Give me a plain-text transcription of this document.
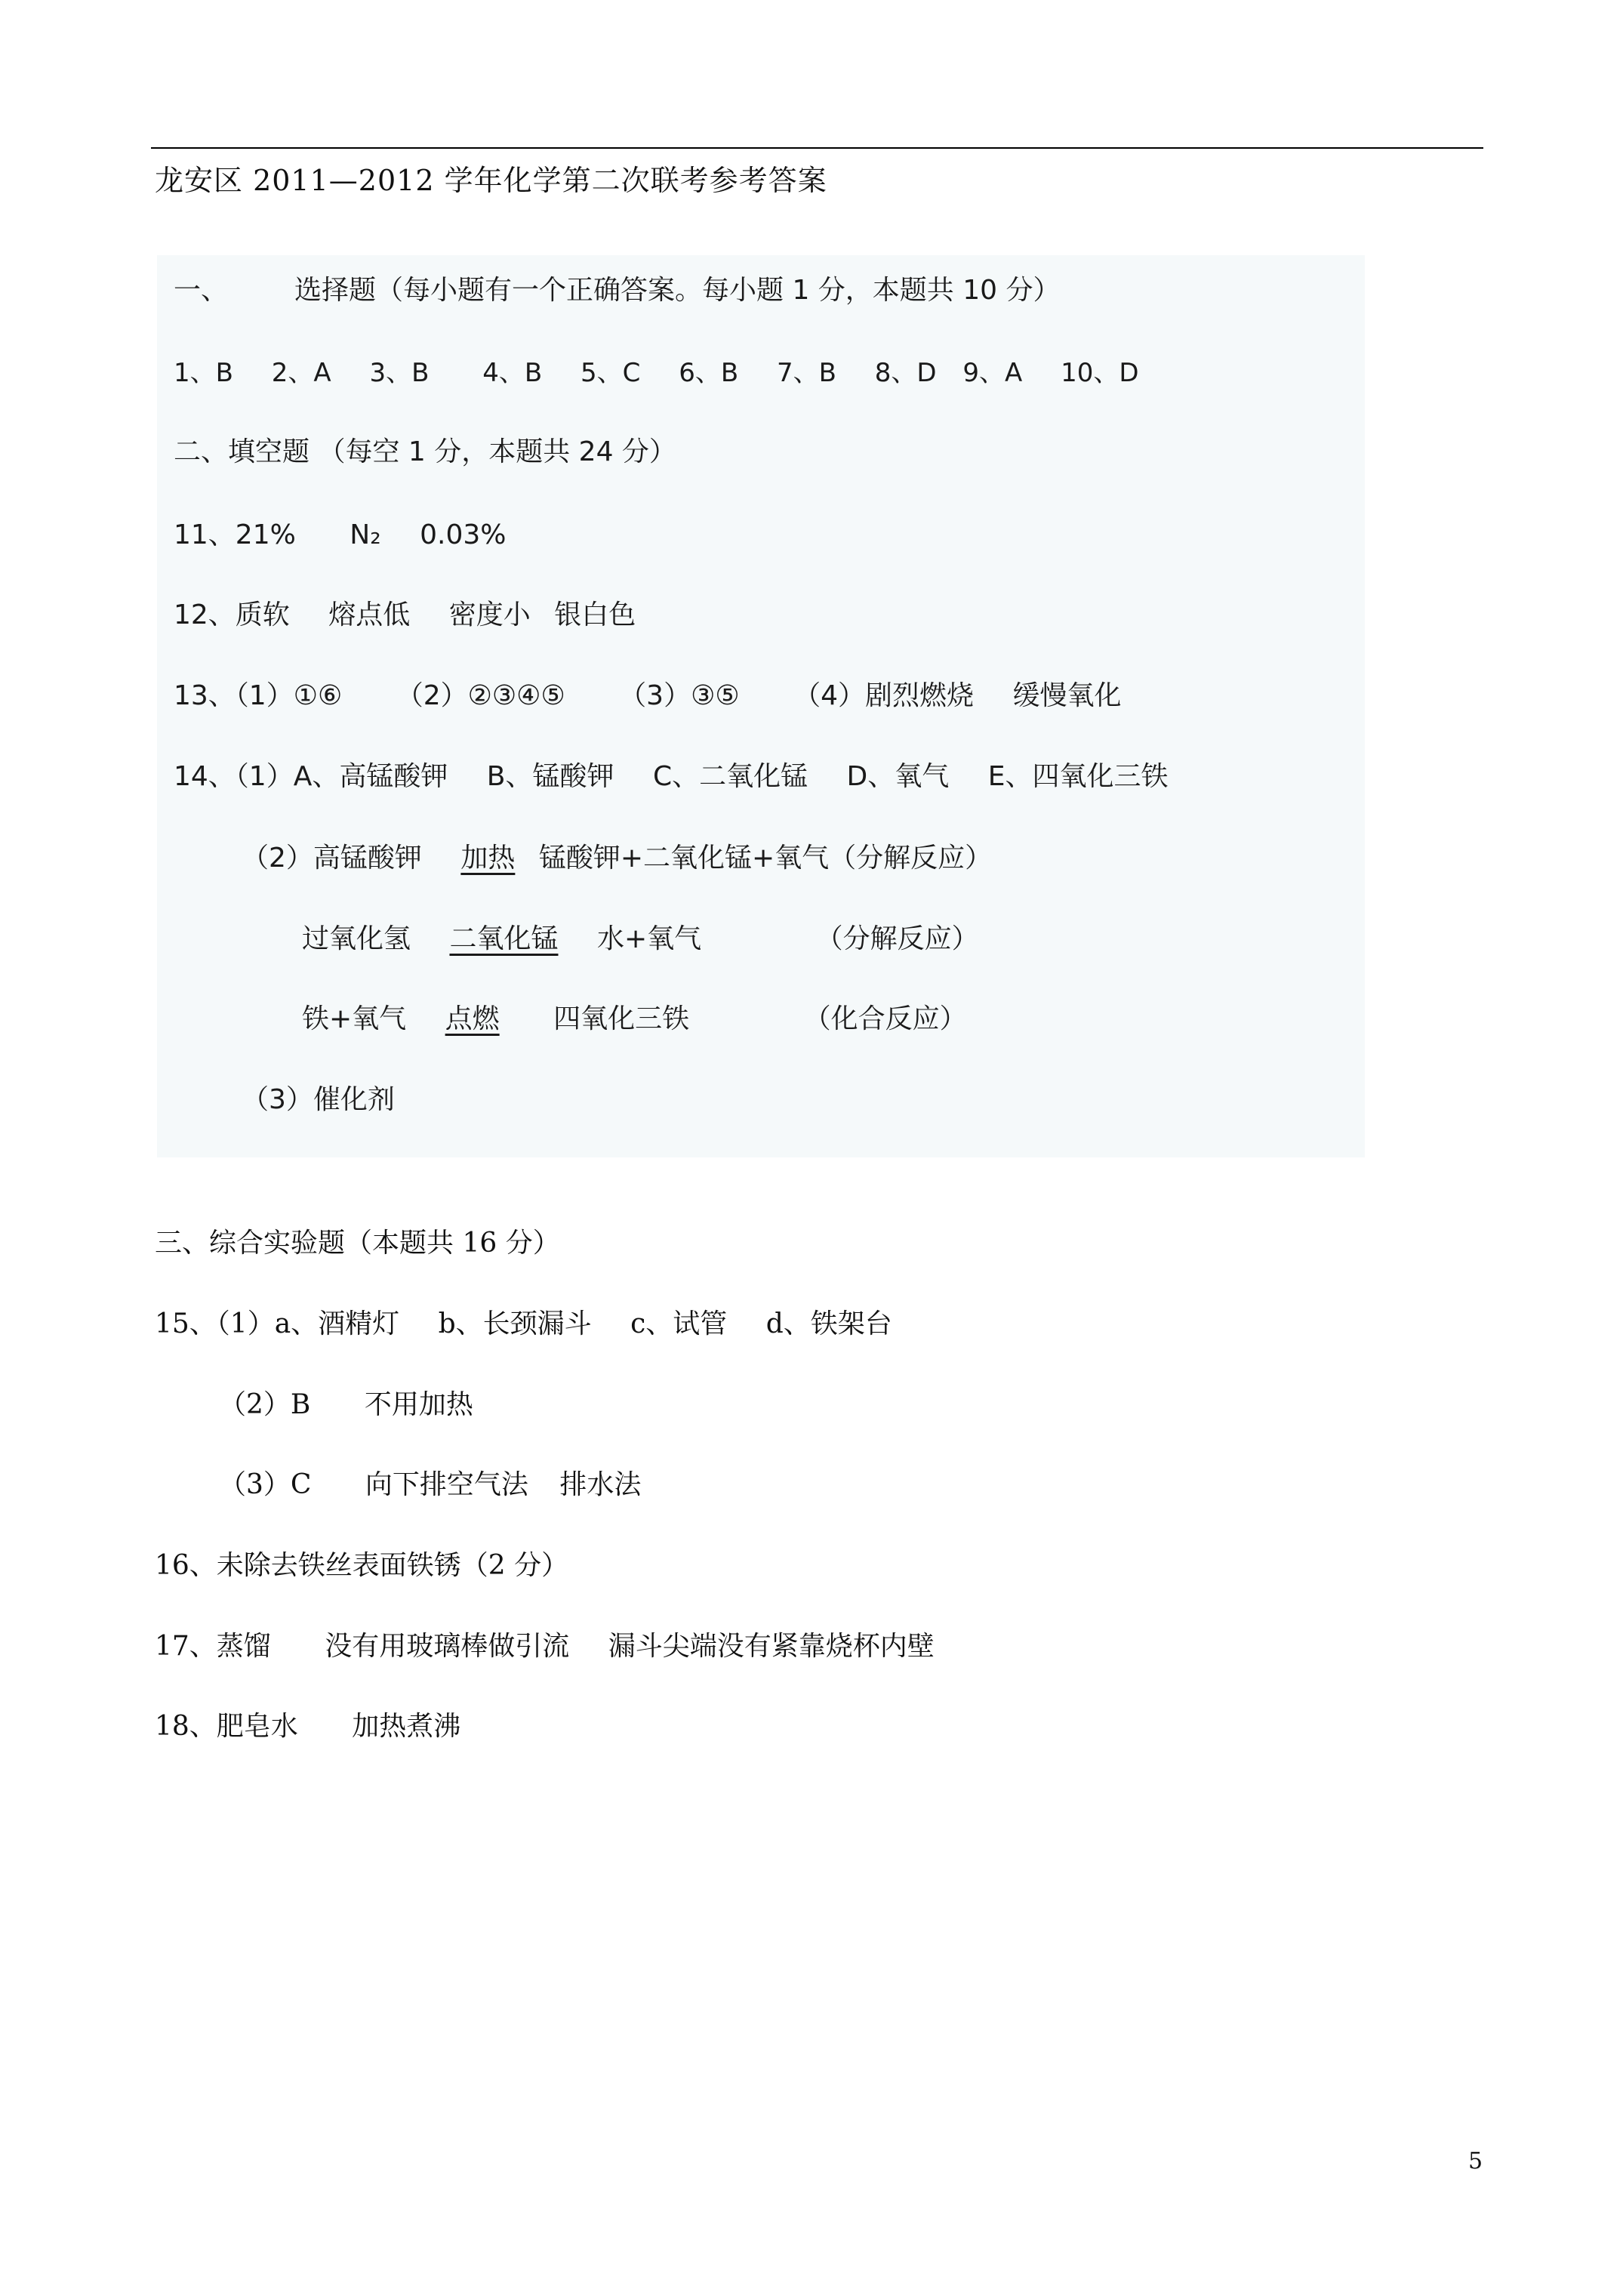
龙安区 2011—2012 学年化学第二次联考参考答案
一、 选择题（每小题有一个正确答案。每小题 1 分，本题共 10 分）
1、B 2、A 3、B 4、B 5、C 6、B 7、B 8、D 9、A 10、D
二、填空题 （每空 1 分，本题共 24 分）
11、21% N₂ 0.03%
12、质软 熔点低 密度小 银白色
13、（1）①⑥ （2）②③④⑤ （3）③⑤ （4）剧烈燃烧 缓慢氧化
14、（1）A、高锰酸钾 B、锰酸钾 C、二氧化锰 D、氧气 E、四氧化三铁
（2）高锰酸钾 加热 锰酸钾+二氧化锰+氧气（分解反应）
过氧化氢 二氧化锰 水+氧气	（分解反应）
铁+氧气 点燃 四氧化三铁	（化合反应）
（3）催化剂
三、综合实验题（本题共 16 分）
15、（1）a、酒精灯 b、长颈漏斗 c、试管 d、铁架台
（2）B 不用加热
（3）C 向下排空气法 排水法
16、未除去铁丝表面铁锈（2 分）
17、蒸馏 没有用玻璃棒做引流 漏斗尖端没有紧靠烧杯内壁
18、肥皂水 加热煮沸
5
